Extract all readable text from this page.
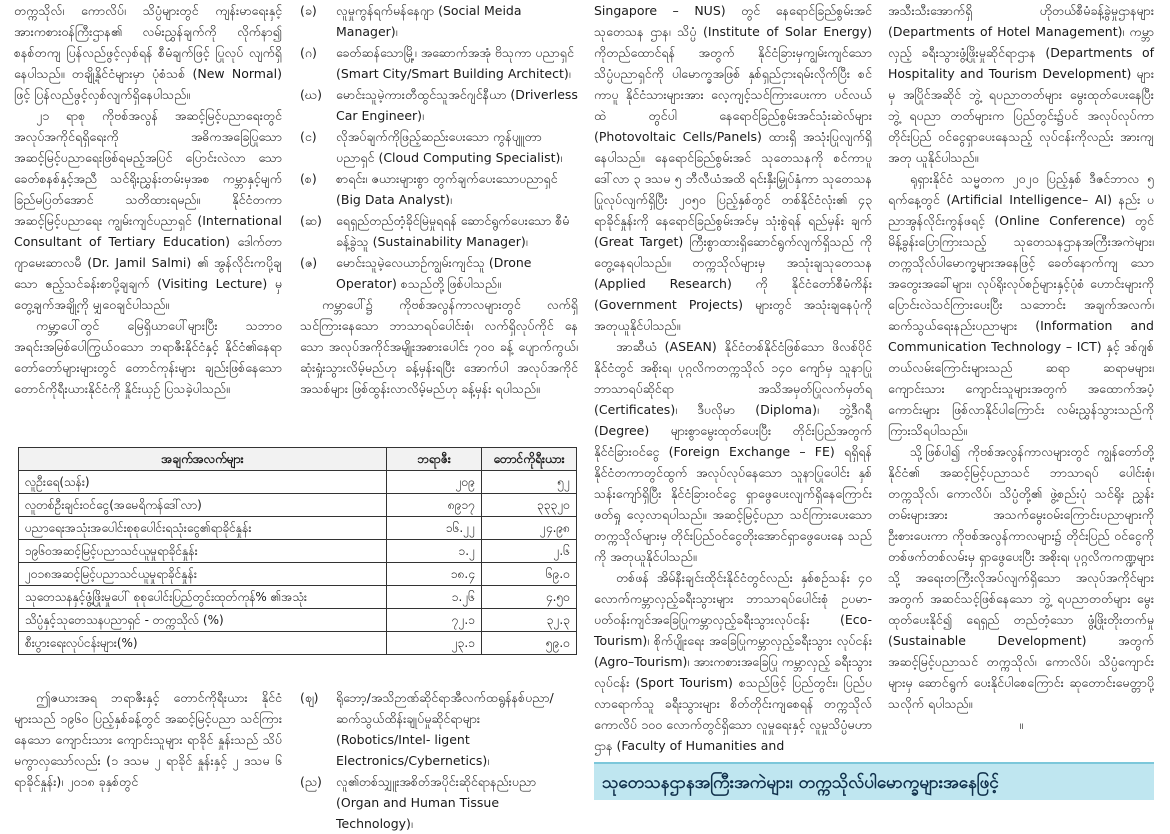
တက္ကသိုလ်၊ ကောလိပ်၊ သိပ္ပံများတွင် ကျန်းမာရေးနှင့် အားကစားဝန်ကြီးဌာန၏ လမ်းညွှန်ချက်ကို လိုက်နာ၍ စနစ်တကျ ပြန်လည်ဖွင့်လှစ်ရန် စီမံချက်ဖြင့် ပြုလုပ် လျက်ရှိနေပါသည်။ တချို့နိုင်ငံများမှာ ပုံစံသစ် (New Normal) ဖြင့် ပြန်လည်ဖွင့်လှစ်လျက်ရှိနေပါသည်။

၂၁ ရာစု ကိုဗစ်အလွန် အဆင့်မြင့်ပညာရေးတွင် အလုပ်အကိုင်ရရှိရေးကို အဓိကအခြေပြုသော အဆင့်မြင့်ပညာရေးဖြစ်ရမည့်အပြင် ပြောင်းလဲလာ သောခေတ်စနစ်နှင့်အညီ သင်ရိုးညွှန်းတမ်းမှအစ ကမ္ဘာနှင့်မျက်ခြည်မပြတ်အောင် သတိထားရမည်။ နိုင်ငံတကာ အဆင့်မြင့်ပညာရေး ကျွမ်းကျင်ပညာရှင် (International Consultant of Tertiary Education) ဒေါက်တာ ဂျာမေးဆာလမီ (Dr. Jamil Salmi) ၏ အွန်လိုင်းကပို့ချသော ဧည့်သင်ခန်းစာပို့ချချက် (Visiting Lecture) မှ တွေ့ချက်အချို့ကို မျှဝေချင်ပါသည်။

ကမ္ဘာ့ပေါ်တွင် မြေရှိယာပေါ်များပြီး သဘာဝ အရင်းအမြစ်ပေါကြွယ်ဝသော ဘရာဇီးနိုင်ငံနှင့် နိုင်ငံ၏နေရာ တော်တော်များများတွင် တောင်ကုန်းများ ချည်းဖြစ်နေသော တောင်ကိုရီးယားနိုင်ငံကို နှိုင်းယှဉ် ပြသခဲ့ပါသည်။

(ခ)	လူမှုကွန်ရက်မန်နေဂျာ (Social Meida Manager)၊
(ဂ)	ခေတ်ဆန်သောမြို့၊ အဆောက်အအုံ ဗိသုကာ ပညာရှင် (Smart City/Smart Building Architect)၊
(ဃ)	မောင်းသူမဲ့ကားတီထွင်သူအင်ဂျင်နီယာ (Driverless Car Engineer)၊
(င)	လိုအပ်ချက်ကိုဖြည့်ဆည်းပေးသော ကွန်ပျူတာ ပညာရှင် (Cloud Computing Specialist)၊
(စ)	စာရင်း၊ ဇယားများစွာ တွက်ချက်ပေးသောပညာရှင် (Big Data Analyst)၊
(ဆ)	ရေရှည်တည်တံ့ခိုင်မြဲမှုရရန် ဆောင်ရွက်ပေးသော စီမံခန့်ခွဲသူ (Sustainability Manager)၊
(ဇ)	မောင်းသူမဲ့လေယာဉ်ကျွမ်းကျင်သူ (Drone Operator) စသည်တို့ဖြစ်ပါသည်။

ကမ္ဘာပေါ်၌ ကိုဗစ်အလွန်ကာလများတွင် လက်ရှိ သင်ကြားနေသော ဘာသာရပ်ပေါင်းစုံ၊ လက်ရှိလုပ်ကိုင် နေသော အလုပ်အကိုင်အမျိုးအစားပေါင်း ၇၀၀ ခန့် ပျောက်ကွယ်၊ ဆုံးရှုံးသွားလိမ့်မည်ဟု ခန့်မှန်းရပြီး အောက်ပါ အလုပ်အကိုင်အသစ်များ ဖြစ်ထွန်းလာလိမ့်မည်ဟု ခန့်မှန်း ရပါသည်။

အချက်အလက်များ	ဘရာဇီး	တောင်ကိုရီးယား
လူဦးရေ(သန်း)	၂၀၉	၅၂
လူတစ်ဦးချင်းဝင်ငွေ(အမေရိကန်ဒေါ်လာ)	၈၉၁၇	၃၃၃၂၀
ပညာရေးအသုံးအပေါင်းစုစုပေါင်းရသုံးငွေ၏ရာခိုင်နှုန်း	၁၆.၂၂	၂၄.၉၈
၁၉၆၀အဆင့်မြင့်ပညာသင်ယူမှုရာခိုင်နှုန်း	၁.၂	၂.၆
၂၀၁၈အဆင့်မြင့်ပညာသင်ယူမှုရာခိုင်နှုန်း	၁၈.၄	၆၉.၀
သုတေသနနှင့်ဖွံ့ဖြိုးမှုပေါ် စုစုပေါင်းပြည်တွင်းထုတ်ကုန်% ၏အသုံး	၁.၂၆	၄.၅၀
သိပ္ပံနှင့်သုတေသနပညာရှင် - တက္ကသိုလ် (%)	၇၂.၁	၃၂.၃
စီးပွားရေးလုပ်ငန်းများ(%)	၂၃.၁	၅၉.၀

ဤဇယားအရ ဘရာဇီးနှင့် တောင်ကိုရီးယား နိုင်ငံများသည် ၁၉၆၀ ပြည့်နှစ်ခန့်တွင် အဆင့်မြင့်ပညာ သင်ကြားနေသော ကျောင်းသား ကျောင်းသူများ ရာခိုင် နှုန်းသည် သိပ်မကွာလှသော်လည်း (၁ ဒသမ ၂ ရာခိုင် နှုန်းနှင့် ၂ ဒသမ ၆ ရာခိုင်နှုန်း)၊ ၂၀၁၈ ခုနှစ်တွင်

(ဈ)	ရိုဘော့/အသိဉာဏ်ဆိုင်ရာအီလက်ထရွန်နစ်ပညာ/ ဆက်သွယ်ထိန်းချုပ်မှုဆိုင်ရာများ (Robotics/Intel- ligent Electronics/Cybernetics)၊
(ည)	လူ၏တစ်သျှူးအစိတ်အပိုင်းဆိုင်ရာနည်းပညာ (Organ and Human Tissue Technology)၊

Singapore – NUS) တွင် နေရောင်ခြည်စွမ်းအင်သုတေသန ဌာန၊ သိပ္ပံ (Institute of Solar Energy) ကိုတည်ထောင်ရန် အတွက် နိုင်ငံခြားမှကျွမ်းကျင်သော သိပ္ပံပညာရှင်ကို ပါမောက္ခအဖြစ် နှစ်ရှည်ငှားရမ်းလိုက်ပြီး စင်ကာပူ နိုင်ငံသားများအား လေ့ကျင့်သင်ကြားပေးကာ ပင်လယ်ထဲ တွင်ပါ နေရောင်ခြည်စွမ်းအင်သုံးဆဲလ်များ (Photovoltaic Cells/Panels) ထားရှိ အသုံးပြုလျက်ရှိနေပါသည်။ နေရောင်ခြည်စွမ်းအင် သုတေသနကို စင်ကာပူဒေါ်လာ ၃ ဒသမ ၅ ဘီလီယံအထိ ရင်းနှီးမြှုပ်နှံကာ သုတေသန ပြုလုပ်လျက်ရှိပြီး ၂၀၅၀ ပြည့်နှစ်တွင် တစ်နိုင်ငံလုံး၏ ၄၃ ရာခိုင်နှုန်းကို နေရောင်ခြည်စွမ်းအင်မှ သုံးစွဲရန် ရည်မှန်း ချက် (Great Target) ကြီးစွာထားရှိဆောင်ရွက်လျက်ရှိသည် ကို တွေ့နေရပါသည်။ တက္ကသိုလ်များမှ အသုံးချသုတေသန (Applied Research) ကို နိုင်ငံတော်စီမံကိန်း (Government Projects) များတွင် အသုံးချနေပုံကို အတုယူနိုင်ပါသည်။

အာဆီယံ (ASEAN) နိုင်ငံတစ်နိုင်ငံဖြစ်သော ဖိလစ်ပိုင် နိုင်ငံတွင် အစိုးရ၊ ပုဂ္ဂလိကတက္ကသိုလ် ၁၄၀ ကျော်မှ သူနာပြုဘာသာရပ်ဆိုင်ရာ အသိအမှတ်ပြုလက်မှတ်ရ (Certificates)၊ ဒီပလိုမာ (Diploma)၊ ဘွဲ့ဒီဂရီ (Degree) များစွာမွေးထုတ်ပေးပြီး တိုင်းပြည်အတွက် နိုင်ငံခြားဝင်ငွေ (Foreign Exchange – FE) ရရှိရန် နိုင်ငံတကာတွင်ထွက် အလုပ်လုပ်နေသော သူနာပြုပေါင်း နှစ်သန်းကျော်ရှိပြီး နိုင်ငံခြားဝင်ငွေ ရှာဖွေပေးလျက်ရှိနေကြောင်း ဖတ်ရှု လေ့လာရပါသည်။ အဆင့်မြင့်ပညာ သင်ကြားပေးသော တက္ကသိုလ်များမှ တိုင်းပြည်ဝင်ငွေတိုးအောင်ရှာဖွေပေးနေ သည်ကို အတုယူနိုင်ပါသည်။

တစ်ဖန် အိမ်နီးချင်းထိုင်းနိုင်ငံတွင်လည်း နှစ်စဉ်သန်း ၄၀ လောက်ကမ္ဘာလှည့်ခရီးသွားများ ဘာသာရပ်ပေါင်းစုံ ဥပမာ- ပတ်ဝန်းကျင်အခြေပြုကမ္ဘာလှည့်ခရီးသွားလုပ်ငန်း (Eco- Tourism)၊ စိုက်ပျိုးရေး အခြေပြုကမ္ဘာလှည့်ခရီးသွား လုပ်ငန်း (Agro–Tourism)၊ အားကစားအခြေပြု ကမ္ဘာလှည့် ခရီးသွားလုပ်ငန်း (Sport Tourism) စသည်ဖြင့် ပြည်တွင်း၊ ပြည်ပလာရောက်သူ ခရီးသွားများ စိတ်တိုင်းကျစေရန် တက္ကသိုလ်ကောလိပ် ၁၀၀ လောက်တွင်ရှိသော လူမှုရေးနှင့် လူမှုသိပ္ပံမဟာဌာန (Faculty of Humanities and

အသီးသီးအောက်ရှိ ဟိုတယ်စီမံခန့်ခွဲမှုဌာနများ (Departments of Hotel Management)၊ ကမ္ဘာလှည့် ခရီးသွားဖွံ့ဖြိုးမှုဆိုင်ရာဌာန (Departments of Hospitality and Tourism Development) များမှ အပြိုင်အဆိုင် ဘွဲ့ ရပညာတတ်များ မွေးထုတ်ပေးနေပြီး ဘွဲ့ ရပညာ တတ်များက ပြည်တွင်း၌ပင် အလုပ်လုပ်ကာ တိုင်းပြည် ဝင်ငွေရှာပေးနေသည့် လုပ်ငန်းကိုလည်း အားကျအတု ယူနိုင်ပါသည်။

ရုရှားနိုင်ငံ သမ္မတက ၂၀၂၀ ပြည့်နှစ် ဒီဇင်ဘာလ ၅ ရက်နေ့တွင် (Artificial Intelligence– AI) နည်း ပညာအွန်လိုင်းကွန်ဖရင့် (Online Conference) တွင် မိန့်ခွန်းပြောကြားသည့် သုတေသနဌာနအကြီးအကဲများ၊ တက္ကသိုလ်ပါမောက္ခများအနေဖြင့် ခေတ်နောက်ကျ သော အတွေးအခေါ်များ၊ လုပ်ရိုးလုပ်စဉ်များနှင့်ပုံစံ ဟောင်းများကို ပြောင်းလဲသင်ကြားပေးပြီး သဘောင်း အချက်အလက်၊ ဆက်သွယ်ရေးနည်းပညာများ (Information and Communication Technology – ICT) နှင့် ဒစ်ဂျစ်တယ်လမ်းကြောင်းများသည် ဆရာ ဆရာမများ၊ ကျောင်းသား ကျောင်းသူများအတွက် အထောက်အပံ့ကောင်းများ ဖြစ်လာနိုင်ပါကြောင်း လမ်းညွှန်သွားသည်ကို ကြားသိရပါသည်။

သို့ဖြစ်ပါ၍ ကိုဗစ်အလွန်ကာလများတွင် ကျွန်တော်တို့နိုင်ငံ၏ အဆင့်မြင့်ပညာသင် ဘာသာရပ် ပေါင်းစုံ၊ တက္ကသိုလ်၊ ကောလိပ်၊ သိပ္ပံတို့၏ ဖွဲ့စည်းပုံ သင်ရိုး ညွှန်းတမ်းများအား အသက်မွေးဝမ်းကြောင်းပညာများကို ဦးစားပေးကာ ကိုဗစ်အလွန်ကာလများ၌ တိုင်းပြည် ဝင်ငွေကို တစ်ဖက်တစ်လမ်းမှ ရှာဖွေပေးပြီး အစိုးရ၊ ပုဂ္ဂလိကကဏ္ဍများသို့ အရေးတကြီးလိုအပ်လျက်ရှိသော အလုပ်အကိုင်များအတွက် အဆင်သင့်ဖြစ်နေသော ဘွဲ့ ရပညာတတ်များ မွေးထုတ်ပေးနိုင်၍ ရေရှည် တည်တံ့သော ဖွံ့ဖြိုးတိုးတက်မှု (Sustainable Development) အတွက် အဆင့်မြင့်ပညာသင် တက္ကသိုလ်၊ ကောလိပ်၊ သိပ္ပံကျောင်းများမှ ဆောင်ရွက် ပေးနိုင်ပါစေကြောင်း ဆုတောင်းမေတ္တာပို့သလိုက် ရပါသည်။

။

သုတေသနဌာနအကြီးအကဲများ၊ တက္ကသိုလ်ပါမောက္ခများအနေဖြင့်
